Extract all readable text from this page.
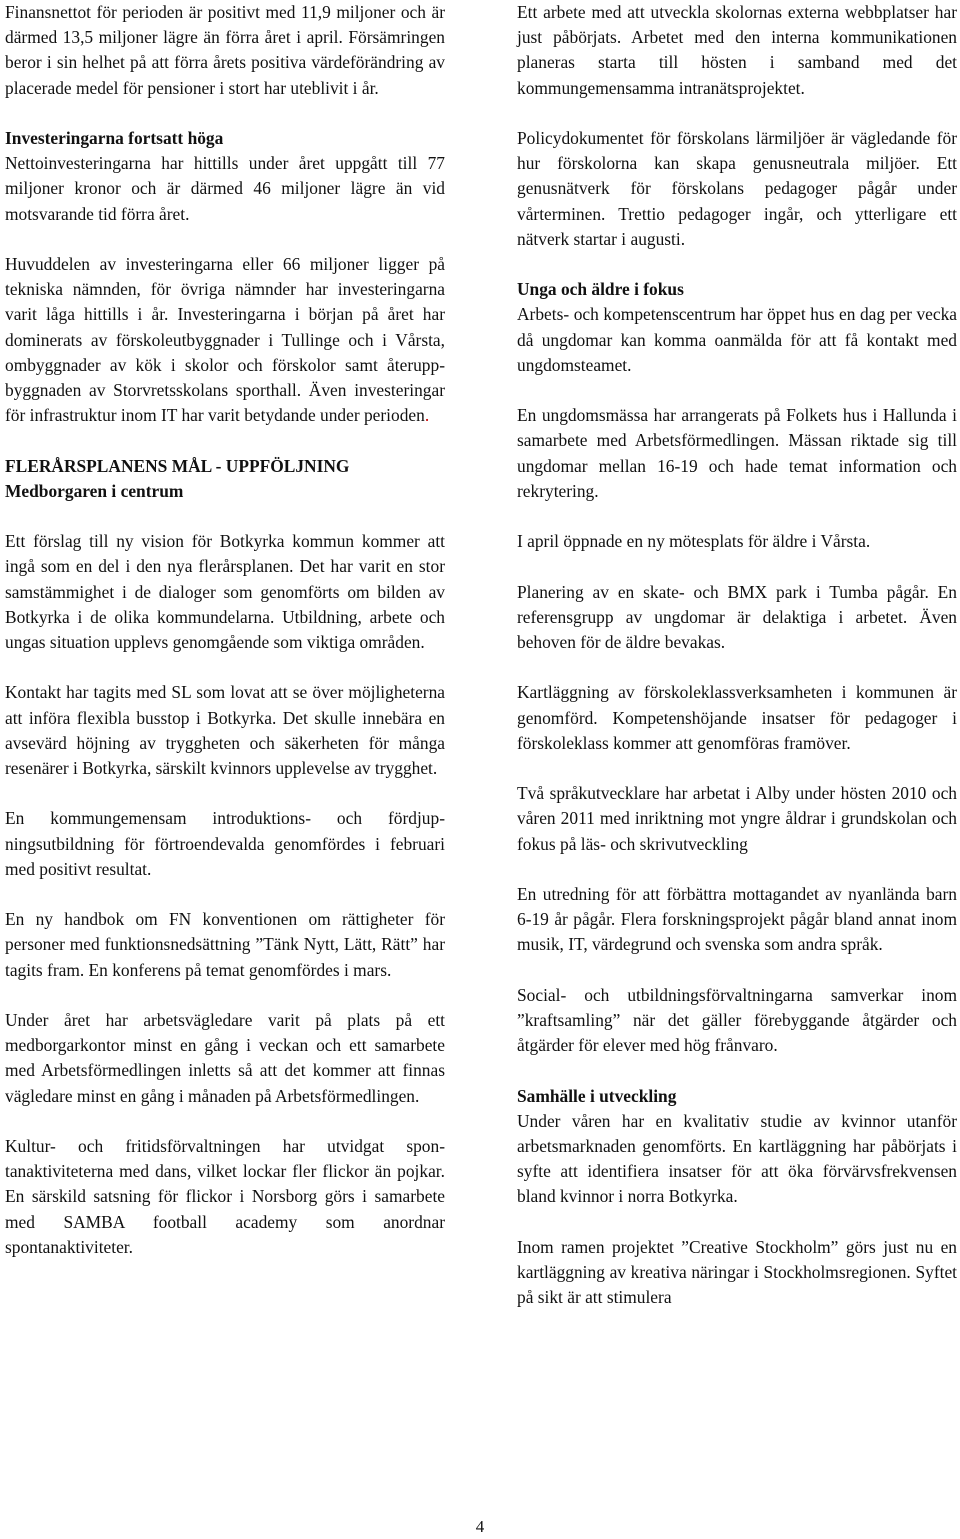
Finansnettot för perioden är positivt med 11,9 miljoner och är därmed 13,5 miljoner lägre än förra året i april. Försämringen beror i sin helhet på att förra årets positiva värdeförändring av placerade medel för pensioner i stort har uteblivit i år.

Investeringarna fortsatt höga
Nettoinvesteringarna har hittills under året uppgått till 77 miljoner kronor och är därmed 46 miljoner lägre än vid motsvarande tid förra året.

Huvuddelen av investeringarna eller 66 miljoner ligger på tekniska nämnden, för övriga nämnder har investeringarna varit låga hittills i år. Investeringarna i början på året har dominerats av förskoleutbyggnader i Tullinge och i Vårsta, ombyggnader av kök i skolor och förskolor samt återuppbyggnaden av Storvretsskolans sporthall. Även investeringar för infrastruktur inom IT har varit betydande under perioden.

FLERÅRSPLANENS MÅL - UPPFÖLJNING
Medborgaren i centrum

Ett förslag till ny vision för Botkyrka kommun kommer att ingå som en del i den nya flerårsplanen. Det har varit en stor samstämmighet i de dialoger som genomförts om bilden av Botkyrka i de olika kommundelarna. Utbildning, arbete och ungas situation upplevs genomgående som viktiga områden.

Kontakt har tagits med SL som lovat att se över möjligheterna att införa flexibla busstop i Botkyrka. Det skulle innebära en avsevärd höjning av tryggheten och säkerheten för många resenärer i Botkyrka, särskilt kvinnors upplevelse av trygghet.

En kommungemensam introduktions- och fördjupningsutbildning för förtroendevalda genomfördes i februari med positivt resultat.

En ny handbok om FN konventionen om rättigheter för personer med funktionsnedsättning ”Tänk Nytt, Lätt, Rätt” har tagits fram. En konferens på temat genomfördes i mars.

Under året har arbetsvägledare varit på plats på ett medborgarkontor minst en gång i veckan och ett samarbete med Arbetsförmedlingen inletts så att det kommer att finnas vägledare minst en gång i månaden på Arbetsförmedlingen.

Kultur- och fritidsförvaltningen har utvidgat spontanaktiviteterna med dans, vilket lockar fler flickor än pojkar. En särskild satsning för flickor i Norsborg görs i samarbete med SAMBA football academy som anordnar spontanaktiviteter.

Ett arbete med att utveckla skolornas externa webbplatser har just påbörjats. Arbetet med den interna kommunikationen planeras starta till hösten i samband med det kommungemensamma intranätsprojektet.

Policydokumentet för förskolans lärmiljöer är vägledande för hur förskolorna kan skapa genusneutrala miljöer. Ett genusnätverk för förskolans pedagoger pågår under vårterminen. Trettio pedagoger ingår, och ytterligare ett nätverk startar i augusti.

Unga och äldre i fokus
Arbets- och kompetenscentrum har öppet hus en dag per vecka då ungdomar kan komma oanmälda för att få kontakt med ungdomsteamet.

En ungdomsmässa har arrangerats på Folkets hus i Hallunda i samarbete med Arbetsförmedlingen. Mässan riktade sig till ungdomar mellan 16-19 och hade temat information och rekrytering.

I april öppnade en ny mötesplats för äldre i Vårsta.

Planering av en skate- och BMX park i Tumba pågår. En referensgrupp av ungdomar är delaktiga i arbetet. Även behoven för de äldre bevakas.

Kartläggning av förskoleklassverksamheten i kommunen är genomförd. Kompetenshöjande insatser för pedagoger i förskoleklass kommer att genomföras framöver.

Två språkutvecklare har arbetat i Alby under hösten 2010 och våren 2011 med inriktning mot yngre åldrar i grundskolan och fokus på läs- och skrivutveckling

En utredning för att förbättra mottagandet av nyanlända barn 6-19 år pågår. Flera forskningsprojekt pågår bland annat inom musik, IT, värdegrund och svenska som andra språk.

Social- och utbildningsförvaltningarna samverkar inom ”kraftsamling” när det gäller förebyggande åtgärder och åtgärder för elever med hög frånvaro.

Samhälle i utveckling
Under våren har en kvalitativ studie av kvinnor utanför arbetsmarknaden genomförts. En kartläggning har påbörjats i syfte att identifiera insatser för att öka förvärvsfrekvensen bland kvinnor i norra Botkyrka.

Inom ramen projektet ”Creative Stockholm” görs just nu en kartläggning av kreativa näringar i Stockholmsregionen. Syftet på sikt är att stimulera

4
